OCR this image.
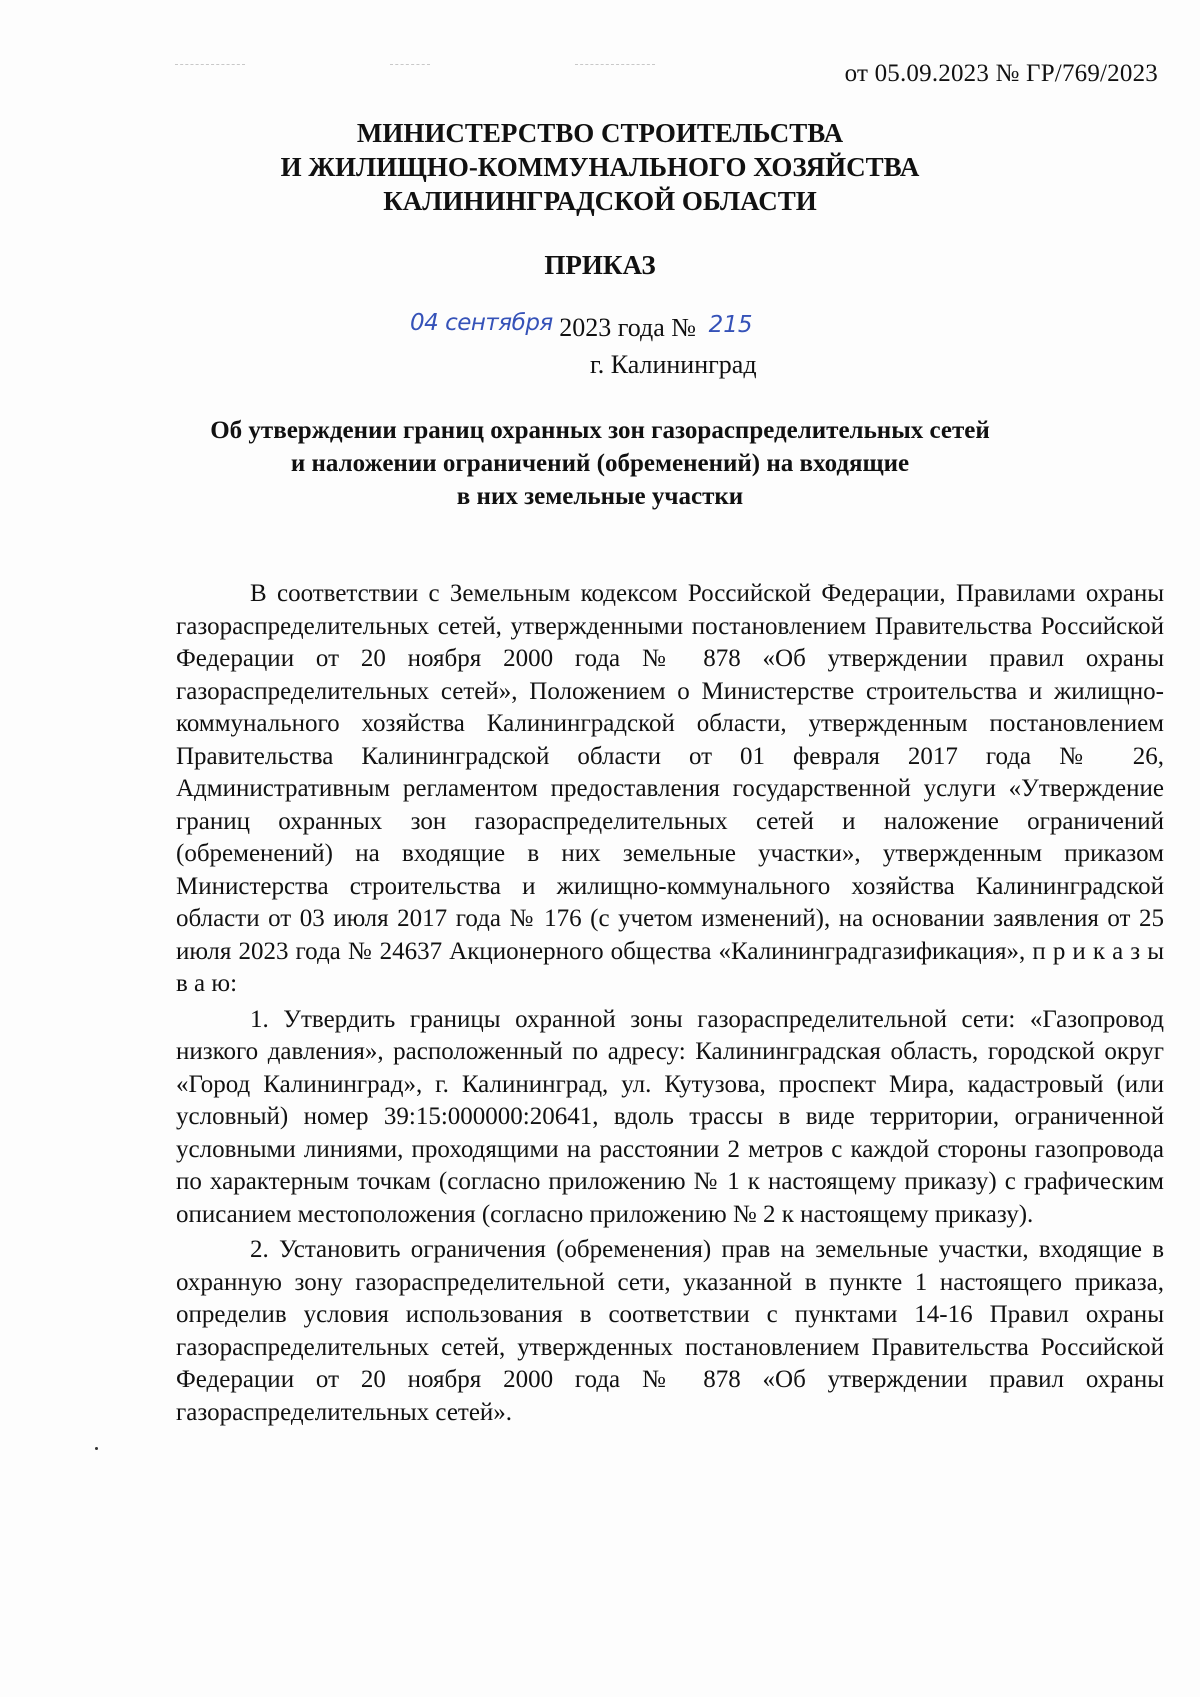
от 05.09.2023 № ГР/769/2023
МИНИСТЕРСТВО СТРОИТЕЛЬСТВА
И ЖИЛИЩНО-КОММУНАЛЬНОГО ХОЗЯЙСТВА
КАЛИНИНГРАДСКОЙ ОБЛАСТИ
ПРИКАЗ
04 сентября 2023 года № 215
г. Калининград
Об утверждении границ охранных зон газораспределительных сетей
и наложении ограничений (обременений) на входящие
в них земельные участки

В соответствии с Земельным кодексом Российской Федерации, Правилами охраны газораспределительных сетей, утвержденными постановлением Правительства Российской Федерации от 20 ноября 2000 года № 878 «Об утверждении правил охраны газораспределительных сетей», Положением о Министерстве строительства и жилищно-коммунального хозяйства Калининградской области, утвержденным постановлением Правительства Калининградской области от 01 февраля 2017 года № 26, Административным регламентом предоставления государственной услуги «Утверждение границ охранных зон газораспределительных сетей и наложение ограничений (обременений) на входящие в них земельные участки», утвержденным приказом Министерства строительства и жилищно-коммунального хозяйства Калининградской области от 03 июля 2017 года № 176 (с учетом изменений), на основании заявления от 25 июля 2023 года № 24637 Акционерного общества «Калининградгазификация», п р и к а з ы в а ю:

1. Утвердить границы охранной зоны газораспределительной сети: «Газопровод низкого давления», расположенный по адресу: Калининградская область, городской округ «Город Калининград», г. Калининград, ул. Кутузова, проспект Мира, кадастровый (или условный) номер 39:15:000000:20641, вдоль трассы в виде территории, ограниченной условными линиями, проходящими на расстоянии 2 метров с каждой стороны газопровода по характерным точкам (согласно приложению № 1 к настоящему приказу) с графическим описанием местоположения (согласно приложению № 2 к настоящему приказу).

2. Установить ограничения (обременения) прав на земельные участки, входящие в охранную зону газораспределительной сети, указанной в пункте 1 настоящего приказа, определив условия использования в соответствии с пунктами 14-16 Правил охраны газораспределительных сетей, утвержденных постановлением Правительства Российской Федерации от 20 ноября 2000 года № 878 «Об утверждении правил охраны газораспределительных сетей».
